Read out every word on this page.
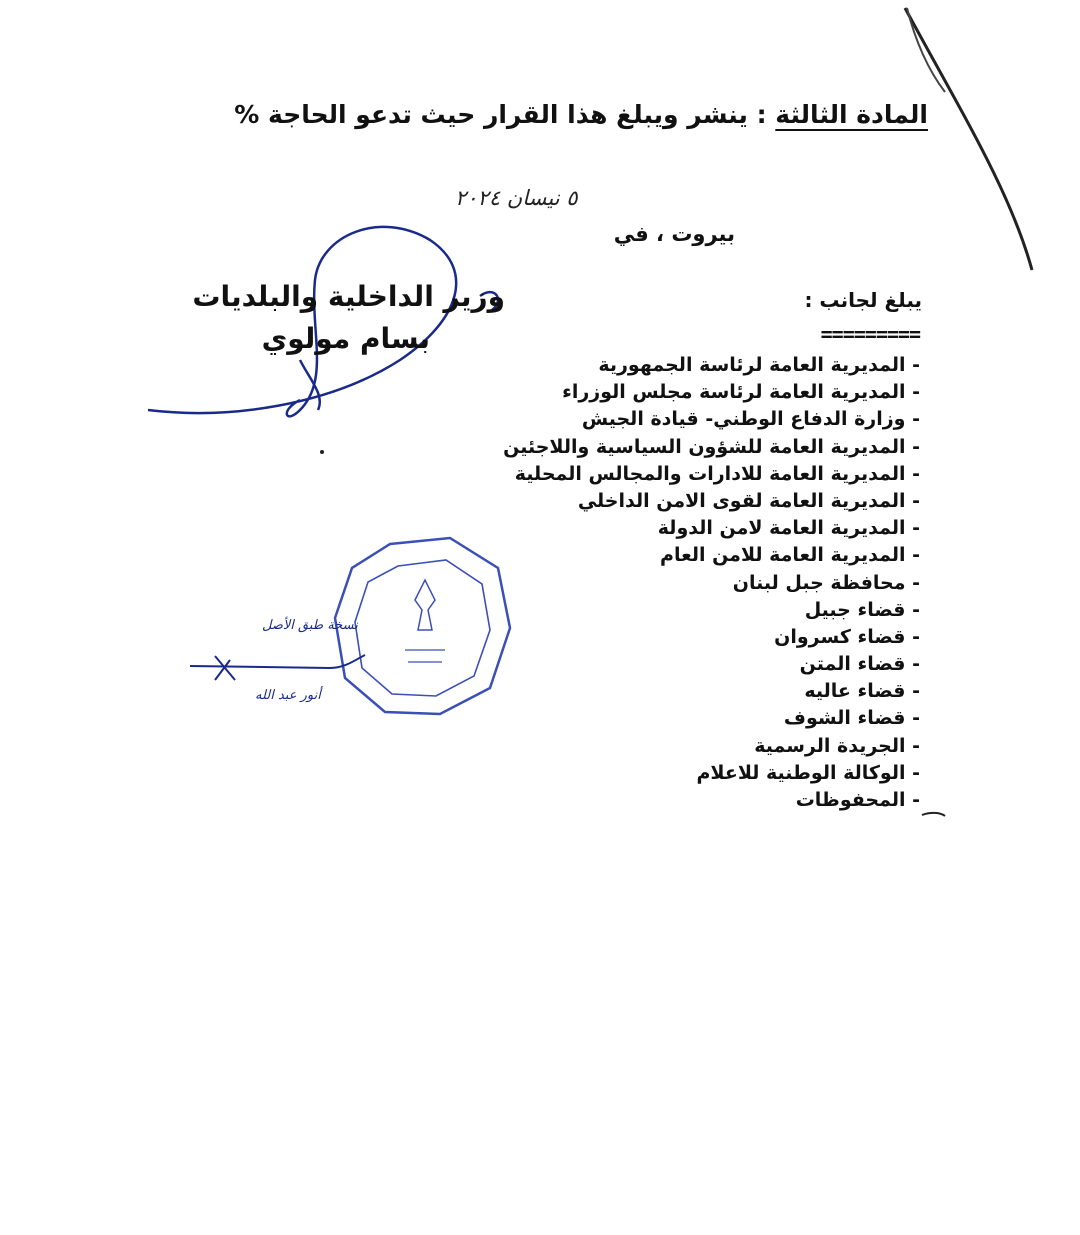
المادة الثالثة : ينشر ويبلغ هذا القرار حيث تدعو الحاجة %
٥ نيسان ٢٠٢٤
بيروت ، في
وزير الداخلية والبلديات
بسام مولوي
يبلغ لجانب :
=========
- المديرية العامة لرئاسة الجمهورية
- المديرية العامة لرئاسة مجلس الوزراء
- وزارة الدفاع الوطني- قيادة الجيش
- المديرية العامة للشؤون السياسية واللاجئين
- المديرية العامة للادارات والمجالس المحلية
- المديرية العامة لقوى الامن الداخلي
- المديرية العامة لامن الدولة
- المديرية العامة للامن العام
- محافظة جبل لبنان
- قضاء جبيل
- قضاء كسروان
- قضاء المتن
- قضاء عاليه
- قضاء الشوف
- الجريدة الرسمية
- الوكالة الوطنية للاعلام
- المحفوظات
نسخة طبق الأصل
أنور عبد الله
